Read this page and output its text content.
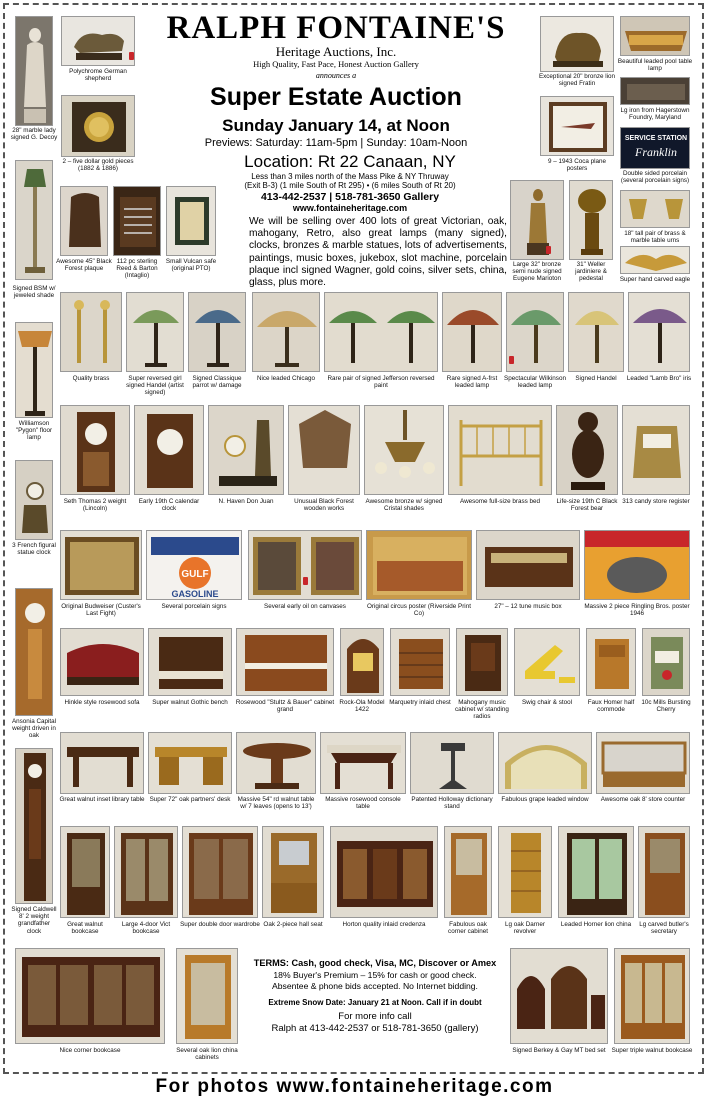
RALPH FONTAINE'S
Heritage Auctions, Inc.
High Quality, Fast Pace, Honest Auction Gallery
announces a
Super Estate Auction
Sunday January 14, at Noon
Previews: Saturday: 11am-5pm | Sunday: 10am-Noon
Location: Rt 22 Canaan, NY
Less than 3 miles north of the Mass Pike & NY Thruway
(Exit B-3) (1 mile South of Rt 295) • (6 miles South of Rt 20)
413-442-2537 | 518-781-3650 Gallery
www.fontaineheritage.com
We will be selling over 400 lots of great Victorian, oak, mahogany, Retro, also great lamps (many signed), clocks, bronzes & marble statues, lots of advertisements, paintings, music boxes, jukebox, slot machine, porcelain plaque incl signed Wagner, gold coins, silver sets, china, glass, plus more.
28" marble lady signed G. Decoy
Polychrome German shepherd
2 – five dollar gold pieces (1882 & 1886)
Exceptional 20" bronze lion signed Fratin
Beautiful leaded pool table lamp
Lg iron from Hagerstown Foundry, Maryland
9 – 1943 Coca plane posters
SERVICE STATION
Franklin
Double sided porcelain (several porcelain signs)
Signed BSM w/ jeweled shade
Williamson "Pygon" floor lamp
Awesome 45" Black Forest plaque
112 pc sterling Reed & Barton (Intaglio)
Small Vulcan safe (original PTO)
Large 32" bronze semi nude signed Eugene Marioton
31" Weller jardiniere & pedestal
18" tall pair of brass & marble table urns
Super hand carved eagle
Quality brass	Super reversed girl signed Handel (artist signed)
Signed Classique parrot w/ damage
Nice leaded Chicago	Rare pair of signed Jefferson reversed paint
Rare signed A-frst leaded lamp
Spectacular Wilkinson leaded lamp
Signed Handel	Leaded "Lamb Bro" iris
3 French figural statue clock
Seth Thomas 2 weight (Lincoln)
Early 19th C calendar clock
N. Haven Don Juan	Unusual Black Forest wooden works
Awesome bronze w/ signed Cristal shades
Awesome full-size brass bed	Life-size 19th C Black Forest bear
313 candy store register
Ansonia Capital weight driven in oak
Original Budweiser (Custer's Last Fight)
GULF
GASOLINE
Several porcelain signs	Several early oil on canvases	Original circus poster (Riverside Print Co)
27" – 12 tune music box	Massive 2 piece Ringling Bros. poster 1946
Hinkle style rosewood sofa	Super walnut Gothic bench	Rosewood "Stultz & Bauer" cabinet grand
Rock-Ola Model 1422
Marquetry inlaid chest	Mahogany music cabinet w/ standing radios
Swig chair & stool	Faux Homer half commode
10c Mills Bursting Cherry
Signed Caldwell 8' 2 weight grandfather clock
Great walnut inset library table Super 72" oak partners' desk	Massive 54" rd walnut table w/ 7 leaves (opens to 13')
Massive rosewood console table
Patented Holloway dictionary stand
Fabulous grape leaded window	Awesome oak 8' store counter
Great walnut bookcase
Large 4-door Vict bookcase
Super double door wardrobe Oak 2-piece hall seat	Horton quality inlaid credenza	Fabulous oak corner cabinet
Lg oak Darner revolver
Leaded Horner lion china	Lg carved butler's secretary
Nice corner bookcase	Several oak lion china cabinets
TERMS: Cash, good check, Visa, MC, Discover or Amex
18% Buyer's Premium – 15% for cash or good check.
Absentee & phone bids accepted. No Internet bidding.
Extreme Snow Date: January 21 at Noon. Call if in doubt
For more info call
Ralph at 413-442-2537 or 518-781-3650 (gallery)
Signed Berkey & Gay MT bed set Super triple walnut bookcase
For photos www.fontaineheritage.com
